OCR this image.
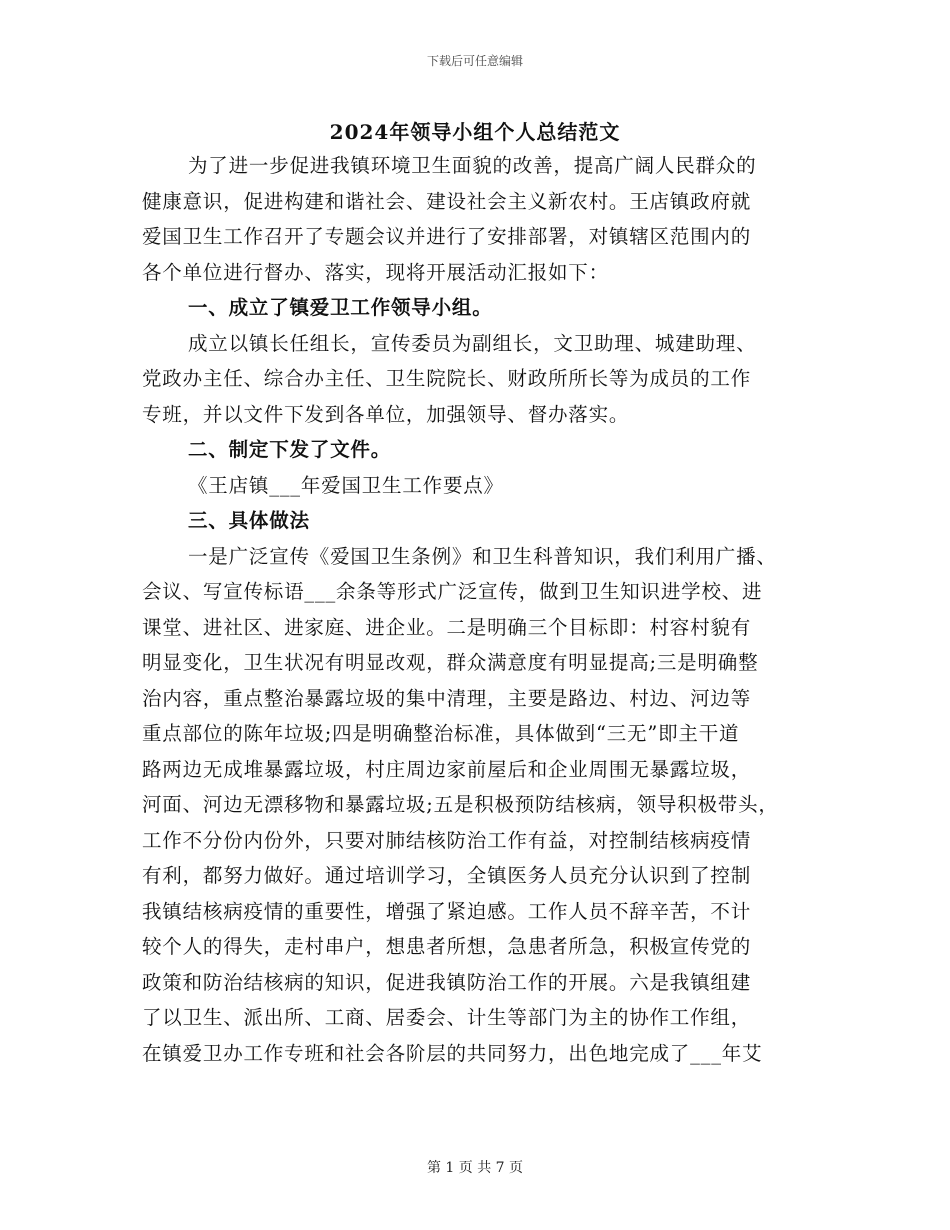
下载后可任意编辑
2024年领导小组个人总结范文
为了进一步促进我镇环境卫生面貌的改善，提高广阔人民群众的
健康意识，促进构建和谐社会、建设社会主义新农村。王店镇政府就
爱国卫生工作召开了专题会议并进行了安排部署，对镇辖区范围内的
各个单位进行督办、落实，现将开展活动汇报如下：
一、成立了镇爱卫工作领导小组。
成立以镇长任组长，宣传委员为副组长，文卫助理、城建助理、
党政办主任、综合办主任、卫生院院长、财政所所长等为成员的工作
专班，并以文件下发到各单位，加强领导、督办落实。
二、制定下发了文件。
《王店镇___年爱国卫生工作要点》
三、具体做法
一是广泛宣传《爱国卫生条例》和卫生科普知识，我们利用广播、
会议、写宣传标语___余条等形式广泛宣传，做到卫生知识进学校、进
课堂、进社区、进家庭、进企业。二是明确三个目标即：村容村貌有
明显变化，卫生状况有明显改观，群众满意度有明显提高;三是明确整
治内容，重点整治暴露垃圾的集中清理，主要是路边、村边、河边等
重点部位的陈年垃圾;四是明确整治标准，具体做到“三无”即主干道
路两边无成堆暴露垃圾，村庄周边家前屋后和企业周围无暴露垃圾，
河面、河边无漂移物和暴露垃圾;五是积极预防结核病，领导积极带头，
工作不分份内份外，只要对肺结核防治工作有益，对控制结核病疫情
有利，都努力做好。通过培训学习，全镇医务人员充分认识到了控制
我镇结核病疫情的重要性，增强了紧迫感。工作人员不辞辛苦，不计
较个人的得失，走村串户，想患者所想，急患者所急，积极宣传党的
政策和防治结核病的知识，促进我镇防治工作的开展。六是我镇组建
了以卫生、派出所、工商、居委会、计生等部门为主的协作工作组，
在镇爱卫办工作专班和社会各阶层的共同努力，出色地完成了___年艾
第 1 页 共 7 页
